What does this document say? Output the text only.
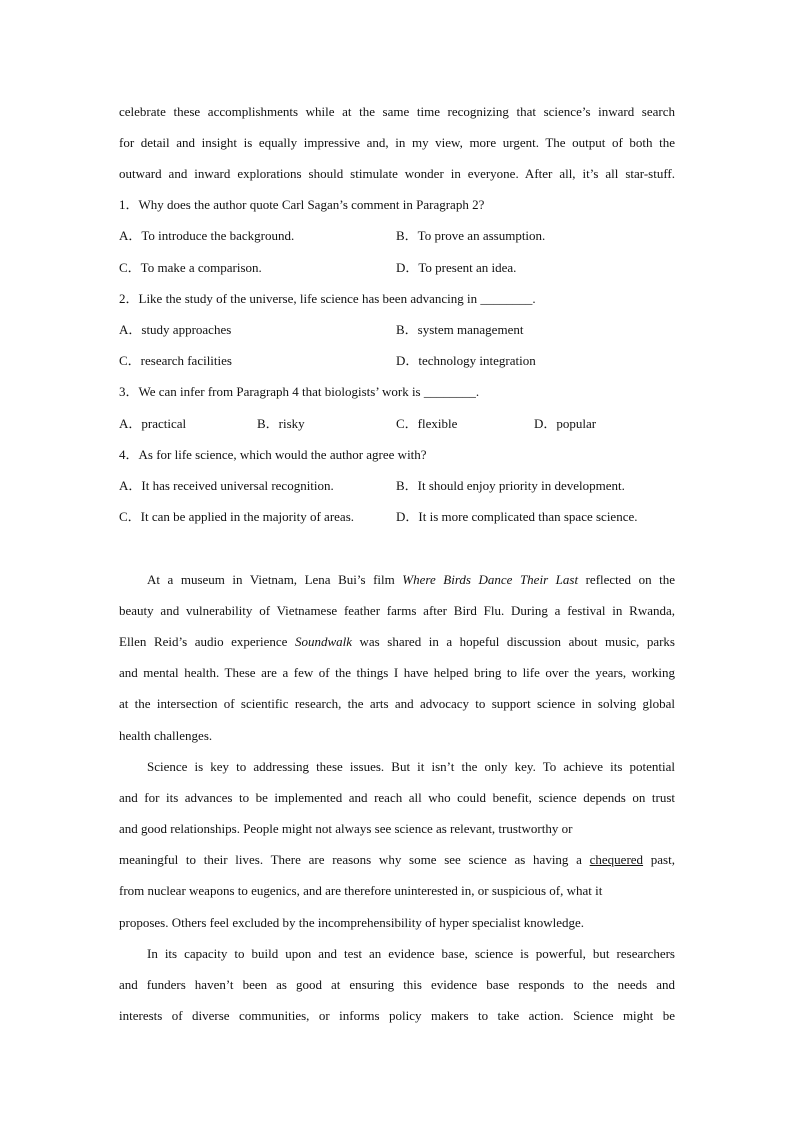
celebrate these accomplishments while at the same time recognizing that science’s inward search
for detail and insight is equally impressive and, in my view, more urgent. The output of both the
outward and inward explorations should stimulate wonder in everyone. After all, it’s all star-stuff.
1．Why does the author quote Carl Sagan’s comment in Paragraph 2?
A．To introduce the background.	B．To prove an assumption.
C．To make a comparison.	D．To present an idea.
2．Like the study of the universe, life science has been advancing in ________.
A．study approaches	B．system management
C．research facilities	D．technology integration
3．We can infer from Paragraph 4 that biologists’ work is ________.
A．practical	B．risky	C．flexible	D．popular
4．As for life science, which would the author agree with?
A．It has received universal recognition.	B．It should enjoy priority in development.
C．It can be applied in the majority of areas.	D．It is more complicated than space science.
At a museum in Vietnam, Lena Bui’s film Where Birds Dance Their Last reflected on the
beauty and vulnerability of Vietnamese feather farms after Bird Flu. During a festival in Rwanda,
Ellen Reid’s audio experience Soundwalk was shared in a hopeful discussion about music, parks
and mental health. These are a few of the things I have helped bring to life over the years, working
at the intersection of scientific research, the arts and advocacy to support science in solving global
health challenges.
Science is key to addressing these issues. But it isn’t the only key. To achieve its potential
and for its advances to be implemented and reach all who could benefit, science depends on trust
and good relationships. People might not always see science as relevant, trustworthy or
meaningful to their lives. There are reasons why some see science as having a chequered past,
from nuclear weapons to eugenics, and are therefore uninterested in, or suspicious of, what it
proposes. Others feel excluded by the incomprehensibility of hyper specialist knowledge.
In its capacity to build upon and test an evidence base, science is powerful, but researchers
and funders haven’t been as good at ensuring this evidence base responds to the needs and
interests of diverse communities, or informs policy makers to take action. Science might be
